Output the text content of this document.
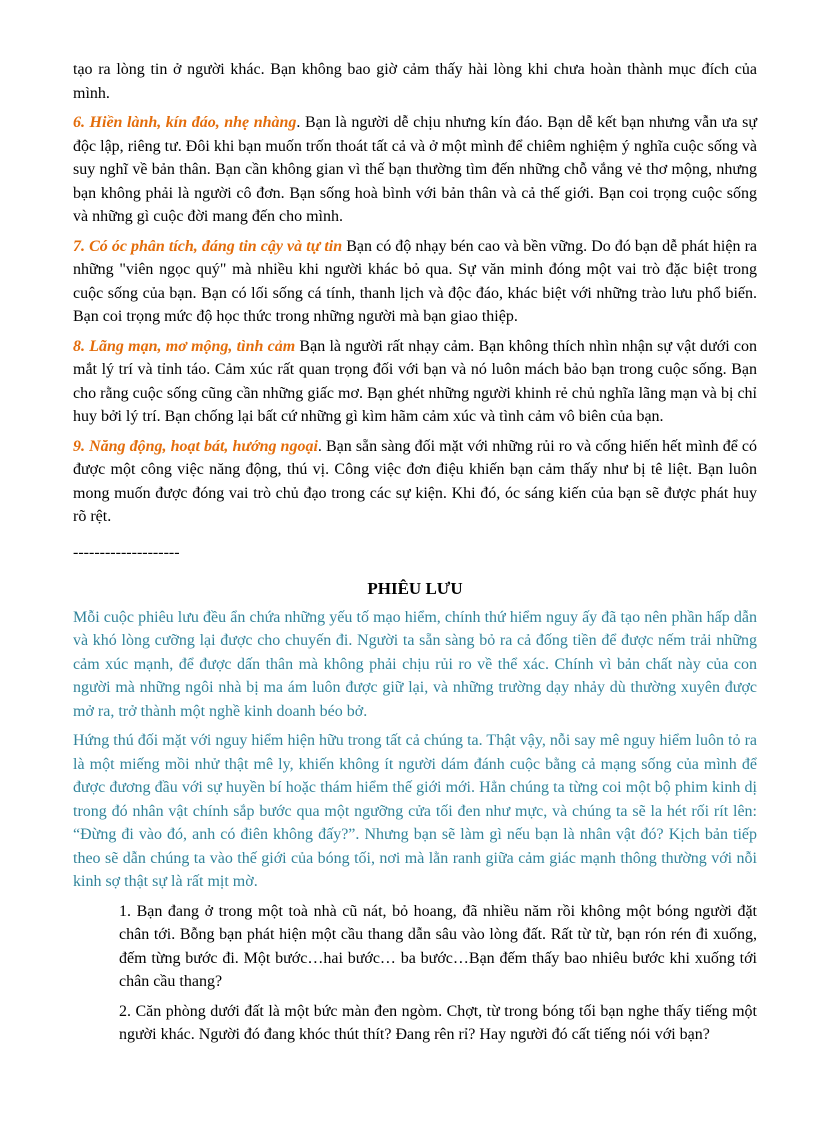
tạo ra lòng tin ở người khác. Bạn không bao giờ cảm thấy hài lòng khi chưa hoàn thành mục đích của mình.

6. Hiền lành, kín đáo, nhẹ nhàng. Bạn là người dễ chịu nhưng kín đáo. Bạn dễ kết bạn nhưng vẫn ưa sự độc lập, riêng tư. Đôi khi bạn muốn trốn thoát tất cả và ở một mình để chiêm nghiệm ý nghĩa cuộc sống và suy nghĩ về bản thân. Bạn cần không gian vì thế bạn thường tìm đến những chỗ vắng vẻ thơ mộng, nhưng bạn không phải là người cô đơn. Bạn sống hoà bình với bản thân và cả thế giới. Bạn coi trọng cuộc sống và những gì cuộc đời mang đến cho mình.

7. Có óc phân tích, đáng tin cậy và tự tin Bạn có độ nhạy bén cao và bền vững. Do đó bạn dễ phát hiện ra những "viên ngọc quý" mà nhiều khi người khác bỏ qua. Sự văn minh đóng một vai trò đặc biệt trong cuộc sống của bạn. Bạn có lối sống cá tính, thanh lịch và độc đáo, khác biệt với những trào lưu phổ biến. Bạn coi trọng mức độ học thức trong những người mà bạn giao thiệp.

8. Lãng mạn, mơ mộng, tình cảm Bạn là người rất nhạy cảm. Bạn không thích nhìn nhận sự vật dưới con mắt lý trí và tỉnh táo. Cảm xúc rất quan trọng đối với bạn và nó luôn mách bảo bạn trong cuộc sống. Bạn cho rằng cuộc sống cũng cần những giấc mơ. Bạn ghét những người khinh rẻ chủ nghĩa lãng mạn và bị chỉ huy bởi lý trí. Bạn chống lại bất cứ những gì kìm hãm cảm xúc và tình cảm vô biên của bạn.

9. Năng động, hoạt bát, hướng ngoại. Bạn sẵn sàng đối mặt với những rủi ro và cống hiến hết mình để có được một công việc năng động, thú vị. Công việc đơn điệu khiến bạn cảm thấy như bị tê liệt. Bạn luôn mong muốn được đóng vai trò chủ đạo trong các sự kiện. Khi đó, óc sáng kiến của bạn sẽ được phát huy rõ rệt.

--------------------
PHIÊU LƯU

Mỗi cuộc phiêu lưu đều ẩn chứa những yếu tố mạo hiểm, chính thứ hiểm nguy ấy đã tạo nên phần hấp dẫn và khó lòng cưỡng lại được cho chuyến đi. Người ta sẵn sàng bỏ ra cả đống tiền để được nếm trải những cảm xúc mạnh, để được dấn thân mà không phải chịu rủi ro về thể xác. Chính vì bản chất này của con người mà những ngôi nhà bị ma ám luôn được giữ lại, và những trường dạy nhảy dù thường xuyên được mở ra, trở thành một nghề kinh doanh béo bở.

Hứng thú đối mặt với nguy hiểm hiện hữu trong tất cả chúng ta. Thật vậy, nỗi say mê nguy hiểm luôn tỏ ra là một miếng mồi nhử thật mê ly, khiến không ít người dám đánh cuộc bằng cả mạng sống của mình để được đương đầu với sự huyền bí hoặc thám hiểm thế giới mới. Hẳn chúng ta từng coi một bộ phim kinh dị trong đó nhân vật chính sắp bước qua một ngưỡng cửa tối đen như mực, và chúng ta sẽ la hét rối rít lên: “Đừng đi vào đó, anh có điên không đấy?”. Nhưng bạn sẽ làm gì nếu bạn là nhân vật đó? Kịch bản tiếp theo sẽ dẫn chúng ta vào thế giới của bóng tối, nơi mà lằn ranh giữa cảm giác mạnh thông thường với nỗi kinh sợ thật sự là rất mịt mờ.

1. Bạn đang ở trong một toà nhà cũ nát, bỏ hoang, đã nhiều năm rồi không một bóng người đặt chân tới. Bỗng bạn phát hiện một cầu thang dẫn sâu vào lòng đất. Rất từ từ, bạn rón rén đi xuống, đếm từng bước đi. Một bước…hai bước… ba bước…Bạn đếm thấy bao nhiêu bước khi xuống tới chân cầu thang?

2. Căn phòng dưới đất là một bức màn đen ngòm. Chợt, từ trong bóng tối bạn nghe thấy tiếng một người khác. Người đó đang khóc thút thít? Đang rên rỉ? Hay người đó cất tiếng nói với bạn?
